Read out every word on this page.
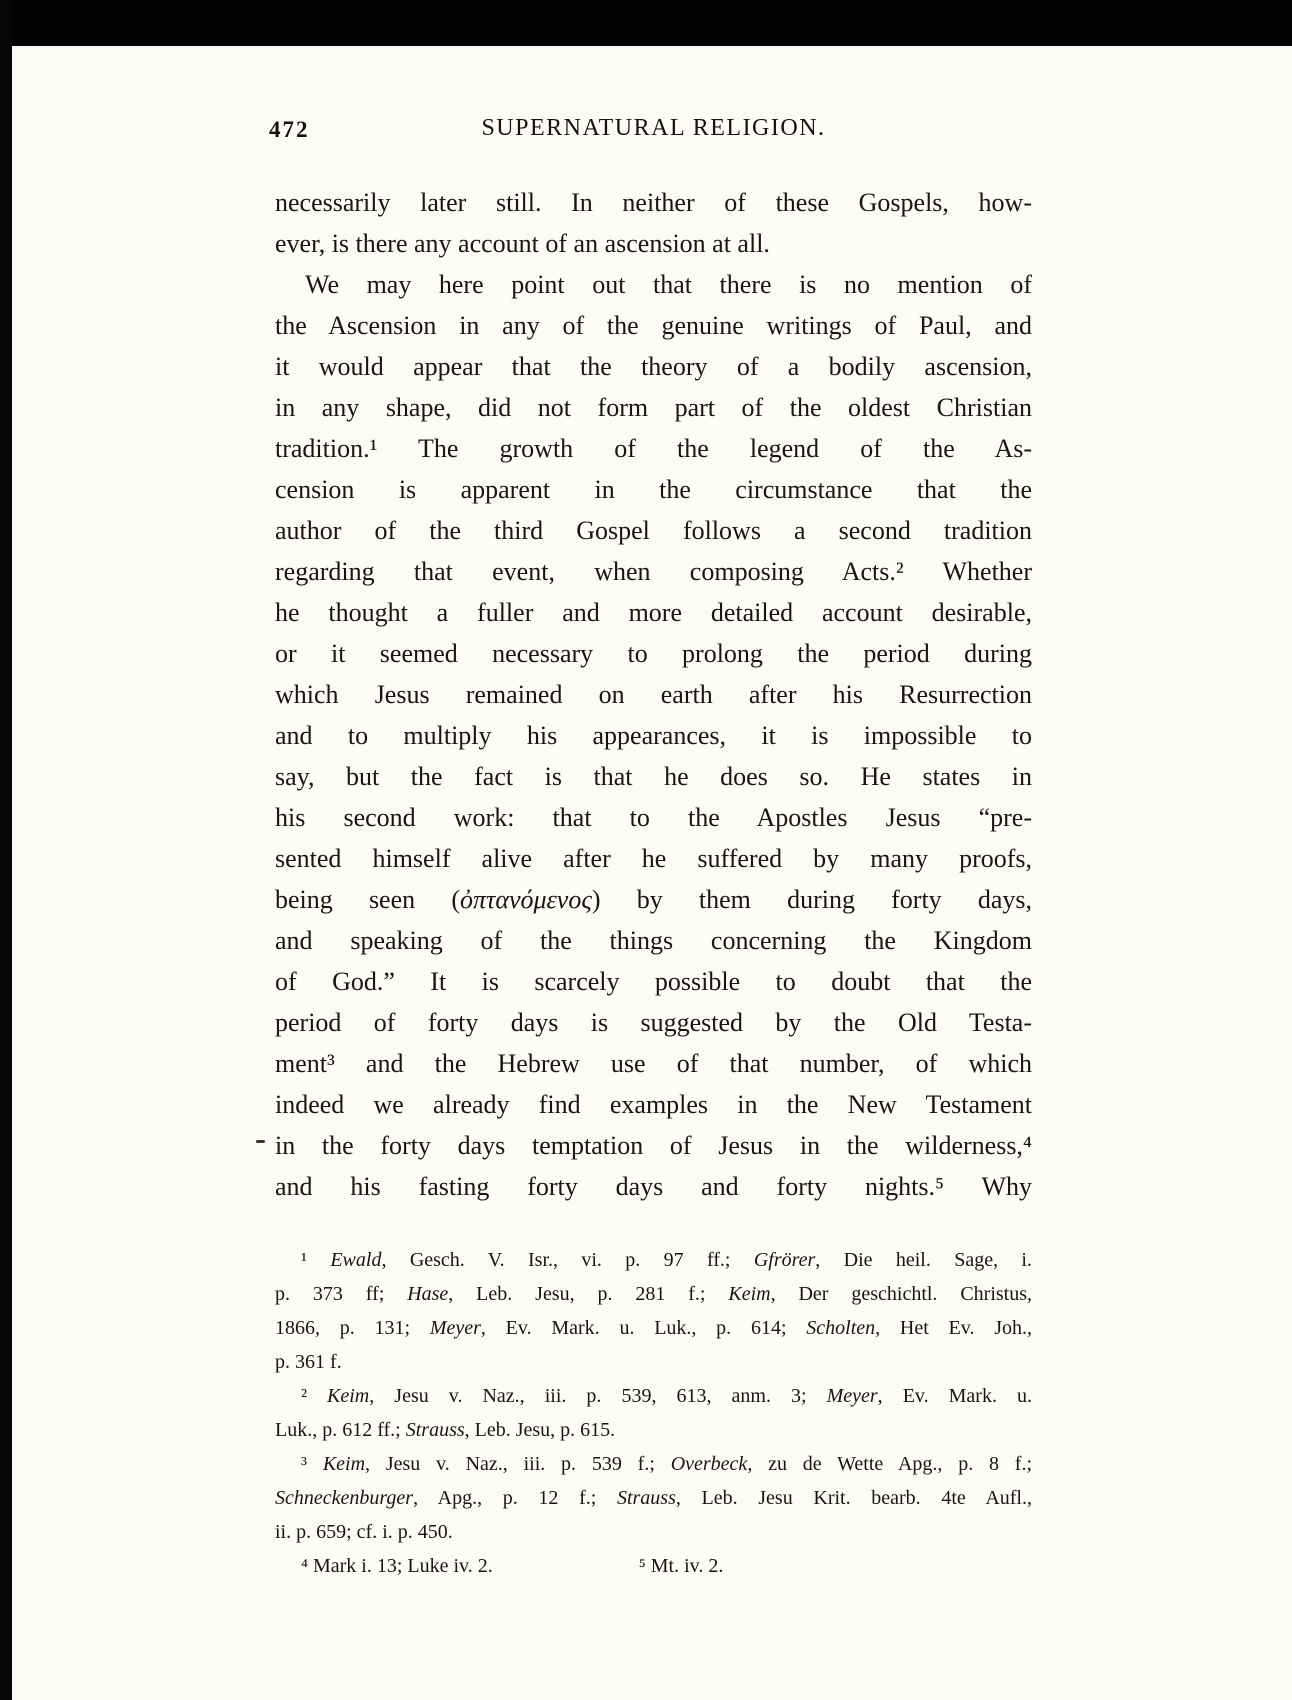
472	SUPERNATURAL RELIGION.
necessarily later still. In neither of these Gospels, how-
ever, is there any account of an ascension at all.
We may here point out that there is no mention of
the Ascension in any of the genuine writings of Paul, and
it would appear that the theory of a bodily ascension,
in any shape, did not form part of the oldest Christian
tradition.¹ The growth of the legend of the As-
cension is apparent in the circumstance that the
author of the third Gospel follows a second tradition
regarding that event, when composing Acts.² Whether
he thought a fuller and more detailed account desirable,
or it seemed necessary to prolong the period during
which Jesus remained on earth after his Resurrection
and to multiply his appearances, it is impossible to
say, but the fact is that he does so. He states in
his second work: that to the Apostles Jesus “pre-
sented himself alive after he suffered by many proofs,
being seen (ὀπτανόμενος) by them during forty days,
and speaking of the things concerning the Kingdom
of God.” It is scarcely possible to doubt that the
period of forty days is suggested by the Old Testa-
ment³ and the Hebrew use of that number, of which
indeed we already find examples in the New Testament
in the forty days temptation of Jesus in the wilderness,⁴
and his fasting forty days and forty nights.⁵ Why
¹ Ewald, Gesch. V. Isr., vi. p. 97 ff.; Gfrörer, Die heil. Sage, i.
p. 373 ff; Hase, Leb. Jesu, p. 281 f.; Keim, Der geschichtl. Christus,
1866, p. 131; Meyer, Ev. Mark. u. Luk., p. 614; Scholten, Het Ev. Joh.,
p. 361 f.
² Keim, Jesu v. Naz., iii. p. 539, 613, anm. 3; Meyer, Ev. Mark. u.
Luk., p. 612 ff.; Strauss, Leb. Jesu, p. 615.
³ Keim, Jesu v. Naz., iii. p. 539 f.; Overbeck, zu de Wette Apg., p. 8 f.;
Schneckenburger, Apg., p. 12 f.; Strauss, Leb. Jesu Krit. bearb. 4te Aufl.,
ii. p. 659; cf. i. p. 450.
⁴ Mark i. 13; Luke iv. 2.	⁵ Mt. iv. 2.
